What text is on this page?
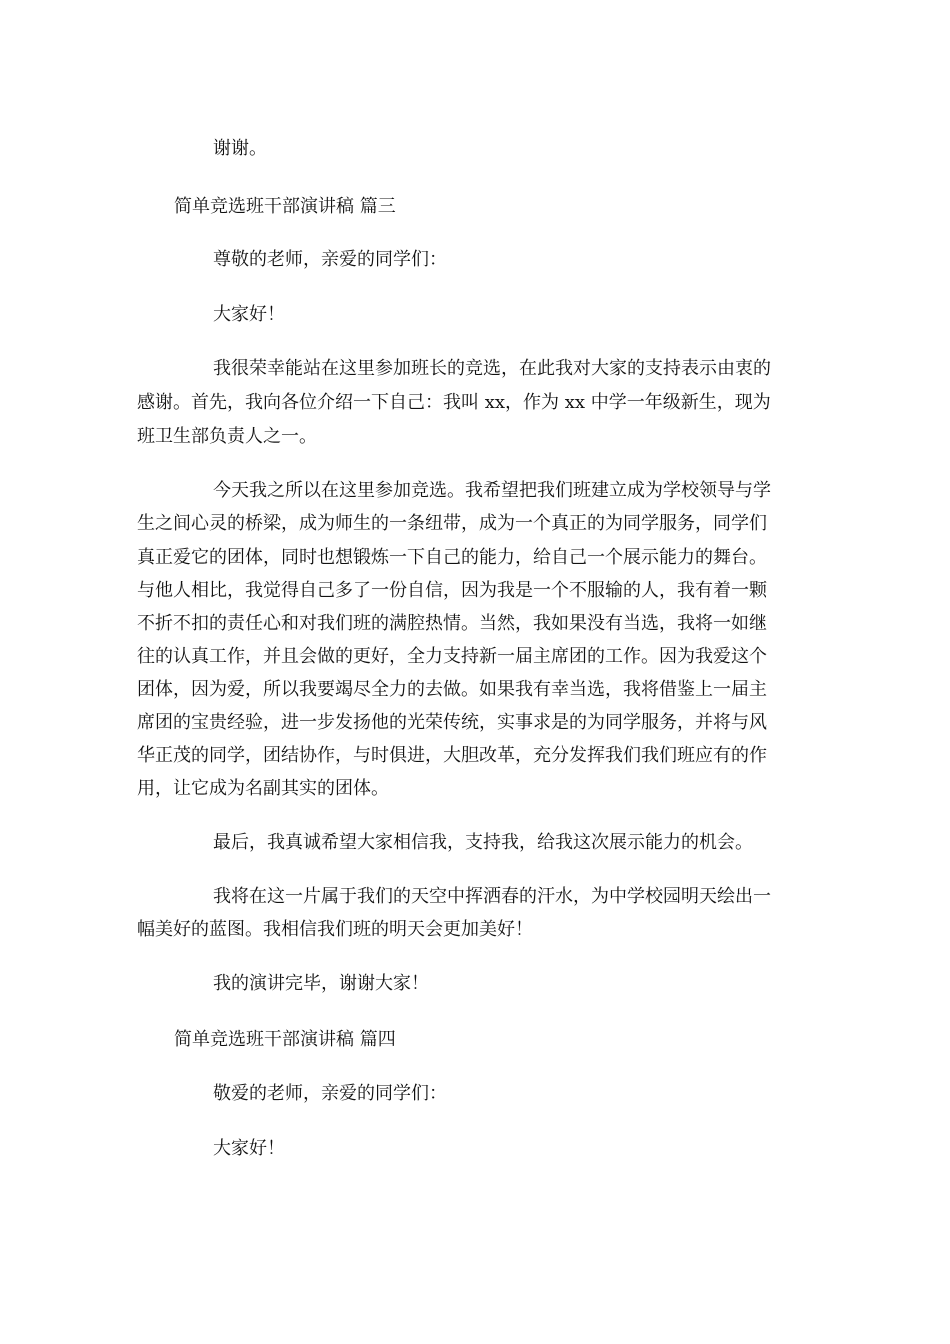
谢谢。

简单竞选班干部演讲稿 篇三

尊敬的老师，亲爱的同学们：

大家好！

我很荣幸能站在这里参加班长的竞选，在此我对大家的支持表示由衷的

感谢。首先，我向各位介绍一下自己：我叫 xx，作为 xx 中学一年级新生，现为

班卫生部负责人之一。

今天我之所以在这里参加竞选。我希望把我们班建立成为学校领导与学

生之间心灵的桥梁，成为师生的一条纽带，成为一个真正的为同学服务，同学们

真正爱它的团体，同时也想锻炼一下自己的能力，给自己一个展示能力的舞台。

与他人相比，我觉得自己多了一份自信，因为我是一个不服输的人，我有着一颗

不折不扣的责任心和对我们班的满腔热情。当然，我如果没有当选，我将一如继

往的认真工作，并且会做的更好，全力支持新一届主席团的工作。因为我爱这个

团体，因为爱，所以我要竭尽全力的去做。如果我有幸当选，我将借鉴上一届主

席团的宝贵经验，进一步发扬他的光荣传统，实事求是的为同学服务，并将与风

华正茂的同学，团结协作，与时俱进，大胆改革，充分发挥我们我们班应有的作

用，让它成为名副其实的团体。

最后，我真诚希望大家相信我，支持我，给我这次展示能力的机会。

我将在这一片属于我们的天空中挥洒春的汗水，为中学校园明天绘出一

幅美好的蓝图。我相信我们班的明天会更加美好！

我的演讲完毕，谢谢大家！

简单竞选班干部演讲稿 篇四

敬爱的老师，亲爱的同学们：

大家好！
